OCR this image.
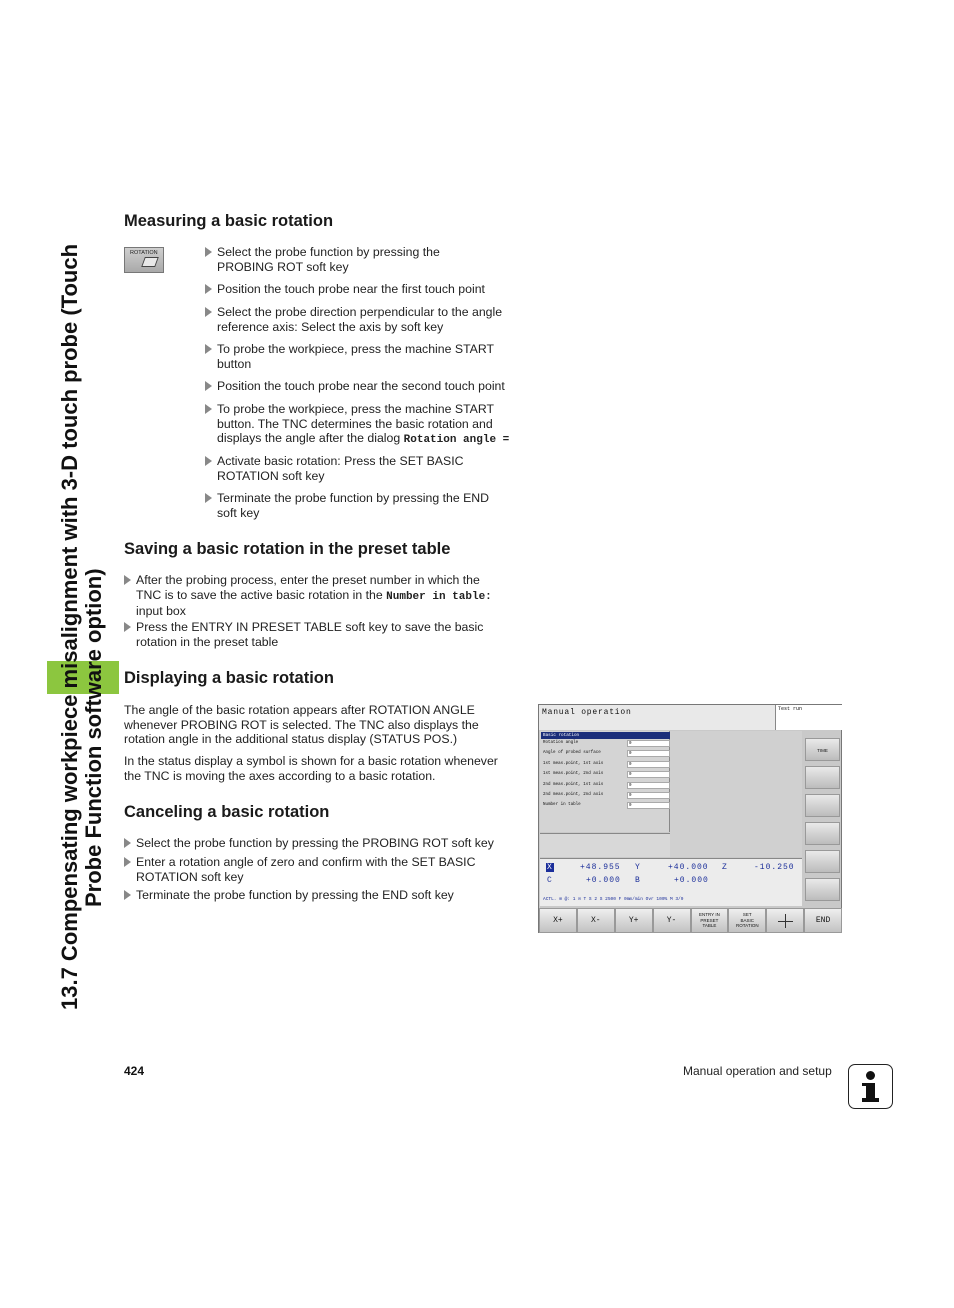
13.7 Compensating workpiece misalignment with 3-D touch probe (Touch Probe Function software option)
Measuring a basic rotation
ROTATION	Select the probe function by pressing the
PROBING ROT soft key
Position the touch probe near the first touch point
Select the probe direction perpendicular to the angle
reference axis: Select the axis by soft key
To probe the workpiece, press the machine START
button
Position the touch probe near the second touch point
To probe the workpiece, press the machine START
button. The TNC determines the basic rotation and
displays the angle after the dialog Rotation angle =
Activate basic rotation: Press the SET BASIC
ROTATION soft key
Terminate the probe function by pressing the END
soft key
Saving a basic rotation in the preset table
After the probing process, enter the preset number in which the
TNC is to save the active basic rotation in the Number in table:
input box
Press the ENTRY IN PRESET TABLE soft key to save the basic
rotation in the preset table
Displaying a basic rotation
The angle of the basic rotation appears after ROTATION ANGLE
whenever PROBING ROT is selected. The TNC also displays the
rotation angle in the additional status display (STATUS POS.)
In the status display a symbol is shown for a basic rotation whenever
the TNC is moving the axes according to a basic rotation.
Canceling a basic rotation
Select the probe function by pressing the PROBING ROT soft key
Enter a rotation angle of zero and confirm with the SET BASIC
ROTATION soft key
Terminate the probe function by pressing the END soft key
Manual operation	Test run
Basic rotation
Rotation angle	0
Angle of probed surface	0
1st meas.point, 1st axis	0
1st meas.point, 2nd axis	0
2nd meas.point, 1st axis	0
2nd meas.point, 2nd axis	0
Number in table	0
TIME
X	+48.955 Y	+40.000 Z	-10.250
C	+0.000 B	+0.000
ACTL. ⊞ @: 1 ⊡ T S 2 S 2500 F 0mm/min Ovr 100% M 3/9
X+	X-	Y+	Y-
ENTRY IN
PRESET
TABLE
SET
BASIC
ROTATION
END
424	Manual operation and setup
